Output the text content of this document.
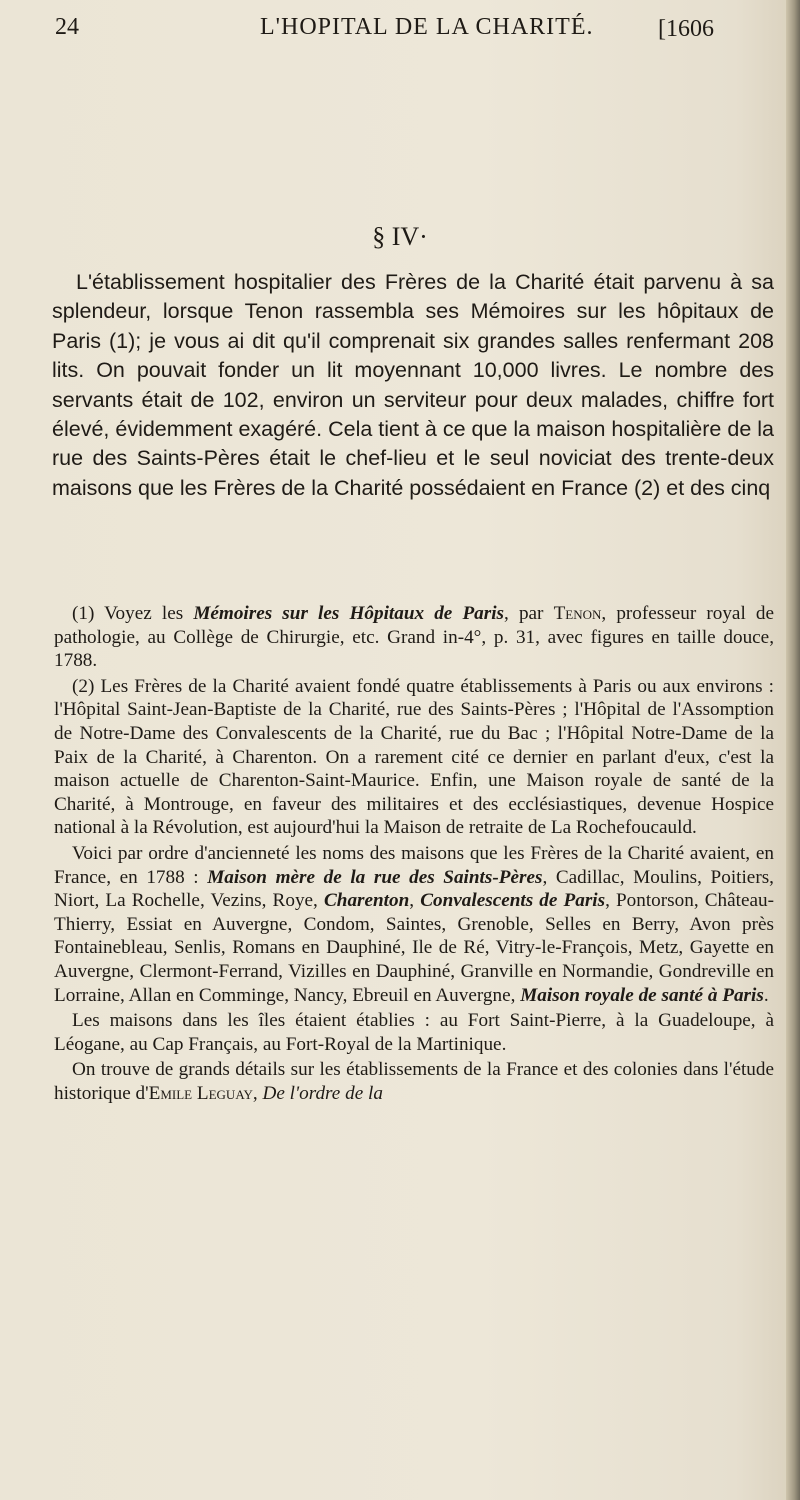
24	L'HOPITAL DE LA CHARITÉ.	[1606
§ IV·

L'établissement hospitalier des Frères de la Charité était parvenu à sa splendeur, lorsque Tenon rassembla ses Mémoires sur les hôpitaux de Paris (1); je vous ai dit qu'il comprenait six grandes salles renfermant 208 lits. On pouvait fonder un lit moyennant 10,000 livres. Le nombre des servants était de 102, environ un serviteur pour deux malades, chiffre fort élevé, évidemment exagéré. Cela tient à ce que la maison hospitalière de la rue des Saints-Pères était le chef-lieu et le seul noviciat des trente-deux maisons que les Frères de la Charité possédaient en France (2) et des cinq

(1) Voyez les Mémoires sur les Hôpitaux de Paris, par Tenon, professeur royal de pathologie, au Collège de Chirurgie, etc. Grand in-4°, p. 31, avec figures en taille douce, 1788.

(2) Les Frères de la Charité avaient fondé quatre établissements à Paris ou aux environs : l'Hôpital Saint-Jean-Baptiste de la Charité, rue des Saints-Pères ; l'Hôpital de l'Assomption de Notre-Dame des Convalescents de la Charité, rue du Bac ; l'Hôpital Notre-Dame de la Paix de la Charité, à Charenton. On a rarement cité ce dernier en parlant d'eux, c'est la maison actuelle de Charenton-Saint-Maurice. Enfin, une Maison royale de santé de la Charité, à Montrouge, en faveur des militaires et des ecclésiastiques, devenue Hospice national à la Révolution, est aujourd'hui la Maison de retraite de La Rochefoucauld.

Voici par ordre d'ancienneté les noms des maisons que les Frères de la Charité avaient, en France, en 1788 : Maison mère de la rue des Saints-Pères, Cadillac, Moulins, Poitiers, Niort, La Rochelle, Vezins, Roye, Charenton, Convalescents de Paris, Pontorson, Château-Thierry, Essiat en Auvergne, Condom, Saintes, Grenoble, Selles en Berry, Avon près Fontainebleau, Senlis, Romans en Dauphiné, Ile de Ré, Vitry-le-François, Metz, Gayette en Auvergne, Clermont-Ferrand, Vizilles en Dauphiné, Granville en Normandie, Gondreville en Lorraine, Allan en Comminge, Nancy, Ebreuil en Auvergne, Maison royale de santé à Paris.

Les maisons dans les îles étaient établies : au Fort Saint-Pierre, à la Guadeloupe, à Léogane, au Cap Français, au Fort-Royal de la Martinique.

On trouve de grands détails sur les établissements de la France et des colonies dans l'étude historique d'Emile Leguay, De l'ordre de la
